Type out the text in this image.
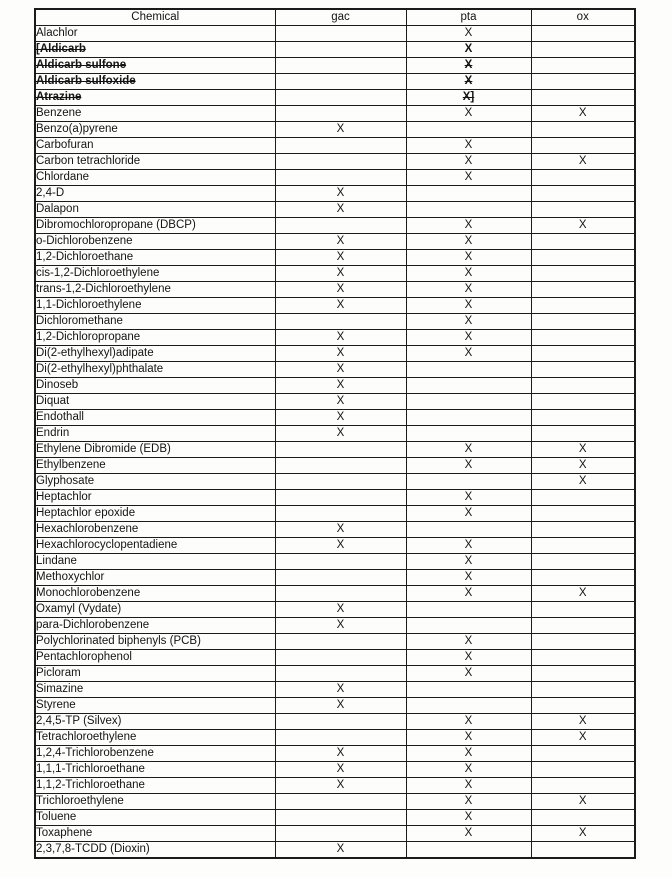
Chemical	gac	pta	ox
Alachlor		X	
[Aldicarb		X	
Aldicarb sulfone		X	
Aldicarb sulfoxide		X	
Atrazine		X]	
Benzene		X	X
Benzo(a)pyrene	X		
Carbofuran		X	
Carbon tetrachloride		X	X
Chlordane		X	
2,4-D	X		
Dalapon	X		
Dibromochloropropane (DBCP)		X	X
o-Dichlorobenzene	X	X	
1,2-Dichloroethane	X	X	
cis-1,2-Dichloroethylene	X	X	
trans-1,2-Dichloroethylene	X	X	
1,1-Dichloroethylene	X	X	
Dichloromethane		X	
1,2-Dichloropropane	X	X	
Di(2-ethylhexyl)adipate	X	X	
Di(2-ethylhexyl)phthalate	X		
Dinoseb	X		
Diquat	X		
Endothall	X		
Endrin	X		
Ethylene Dibromide (EDB)		X	X
Ethylbenzene		X	X
Glyphosate			X
Heptachlor		X	
Heptachlor epoxide		X	
Hexachlorobenzene	X		
Hexachlorocyclopentadiene	X	X	
Lindane		X	
Methoxychlor		X	
Monochlorobenzene		X	X
Oxamyl (Vydate)	X		
para-Dichlorobenzene	X		
Polychlorinated biphenyls (PCB)		X	
Pentachlorophenol		X	
Picloram		X	
Simazine	X		
Styrene	X		
2,4,5-TP (Silvex)		X	X
Tetrachloroethylene		X	X
1,2,4-Trichlorobenzene	X	X	
1,1,1-Trichloroethane	X	X	
1,1,2-Trichloroethane	X	X	
Trichloroethylene		X	X
Toluene		X	
Toxaphene		X	X
2,3,7,8-TCDD (Dioxin)	X		
